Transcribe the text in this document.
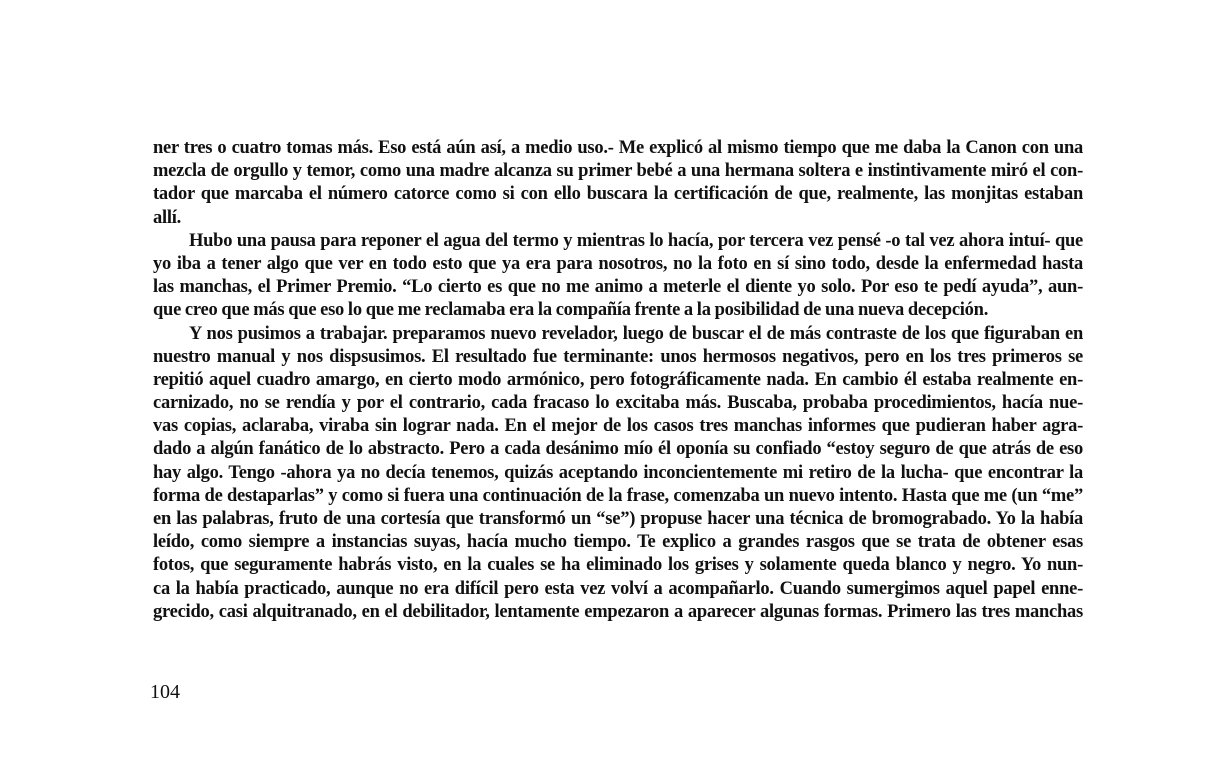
ner tres o cuatro tomas más. Eso está aún así, a medio uso.- Me explicó al mismo tiempo que me daba la Canon con una
mezcla de orgullo y temor, como una madre alcanza su primer bebé a una hermana soltera e instintivamente miró el con-
tador que marcaba el número catorce como si con ello buscara la certificación de que, realmente, las monjitas estaban
allí.
Hubo una pausa para reponer el agua del termo y mientras lo hacía, por tercera vez pensé -o tal vez ahora intuí- que
yo iba a tener algo que ver en todo esto que ya era para nosotros, no la foto en sí sino todo, desde la enfermedad hasta
las manchas, el Primer Premio. “Lo cierto es que no me animo a meterle el diente yo solo. Por eso te pedí ayuda”, aun-
que creo que más que eso lo que me reclamaba era la compañía frente a la posibilidad de una nueva decepción.
Y nos pusimos a trabajar. preparamos nuevo revelador, luego de buscar el de más contraste de los que figuraban en
nuestro manual y nos dispsusimos. El resultado fue terminante: unos hermosos negativos, pero en los tres primeros se
repitió aquel cuadro amargo, en cierto modo armónico, pero fotográficamente nada. En cambio él estaba realmente en-
carnizado, no se rendía y por el contrario, cada fracaso lo excitaba más. Buscaba, probaba procedimientos, hacía nue-
vas copias, aclaraba, viraba sin lograr nada. En el mejor de los casos tres manchas informes que pudieran haber agra-
dado a algún fanático de lo abstracto. Pero a cada desánimo mío él oponía su confiado “estoy seguro de que atrás de eso
hay algo. Tengo -ahora ya no decía tenemos, quizás aceptando inconcientemente mi retiro de la lucha- que encontrar la
forma de destaparlas” y como si fuera una continuación de la frase, comenzaba un nuevo intento. Hasta que me (un “me”
en las palabras, fruto de una cortesía que transformó un “se”) propuse hacer una técnica de bromograbado. Yo la había
leído, como siempre a instancias suyas, hacía mucho tiempo. Te explico a grandes rasgos que se trata de obtener esas
fotos, que seguramente habrás visto, en la cuales se ha eliminado los grises y solamente queda blanco y negro. Yo nun-
ca la había practicado, aunque no era difícil pero esta vez volví a acompañarlo. Cuando sumergimos aquel papel enne-
grecido, casi alquitranado, en el debilitador, lentamente empezaron a aparecer algunas formas. Primero las tres manchas
104
